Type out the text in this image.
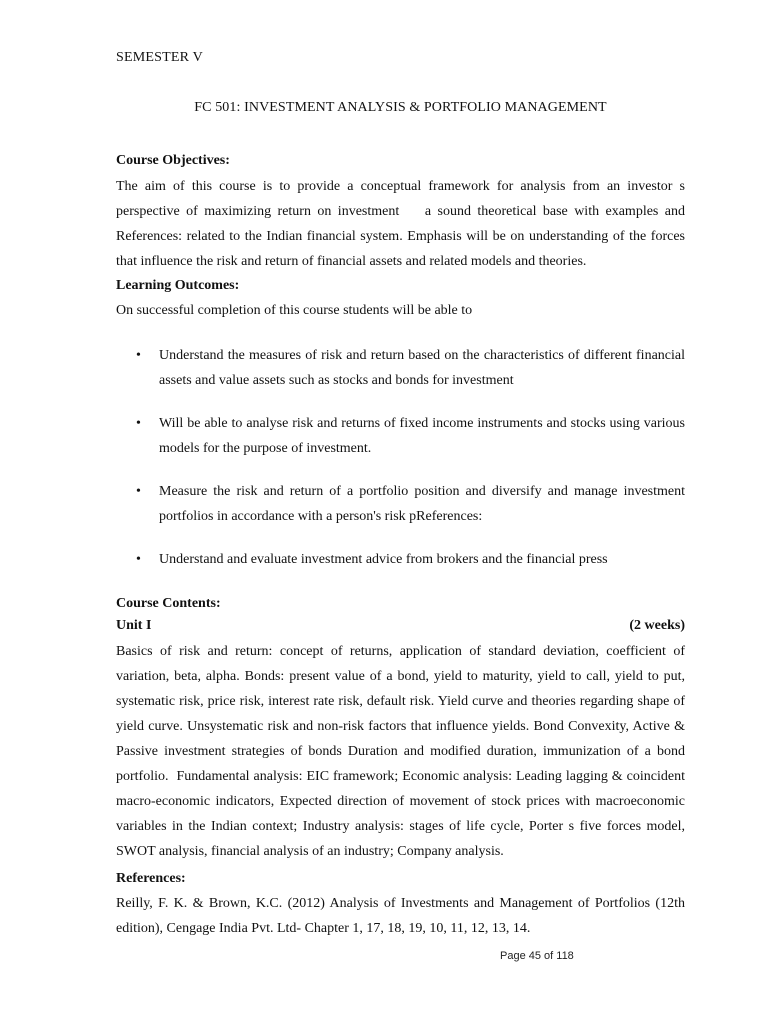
SEMESTER V

FC 501: INVESTMENT ANALYSIS & PORTFOLIO MANAGEMENT

Course Objectives:

The aim of this course is to provide a conceptual framework for analysis from an investor s perspective of maximizing return on investment    a sound theoretical base with examples and References: related to the Indian financial system. Emphasis will be on understanding of the forces that influence the risk and return of financial assets and related models and theories.

Learning Outcomes:

On successful completion of this course students will be able to

• Understand the measures of risk and return based on the characteristics of different financial assets and value assets such as stocks and bonds for investment
• Will be able to analyse risk and returns of fixed income instruments and stocks using various models for the purpose of investment.
• Measure the risk and return of a portfolio position and diversify and manage investment portfolios in accordance with a person's risk pReferences:
• Understand and evaluate investment advice from brokers and the financial press

Course Contents:

Unit I	(2 weeks)

Basics of risk and return: concept of returns, application of standard deviation, coefficient of variation, beta, alpha. Bonds: present value of a bond, yield to maturity, yield to call, yield to put, systematic risk, price risk, interest rate risk, default risk. Yield curve and theories regarding shape of yield curve. Unsystematic risk and non-risk factors that influence yields. Bond Convexity, Active & Passive investment strategies of bonds Duration and modified duration, immunization of a bond portfolio.  Fundamental analysis: EIC framework; Economic analysis: Leading lagging & coincident macro-economic indicators, Expected direction of movement of stock prices with macroeconomic variables in the Indian context; Industry analysis: stages of life cycle, Porter s five forces model, SWOT analysis, financial analysis of an industry; Company analysis.

References:

Reilly, F. K. & Brown, K.C. (2012) Analysis of Investments and Management of Portfolios (12th edition), Cengage India Pvt. Ltd- Chapter 1, 17, 18, 19, 10, 11, 12, 13, 14.

Page 45 of 118
